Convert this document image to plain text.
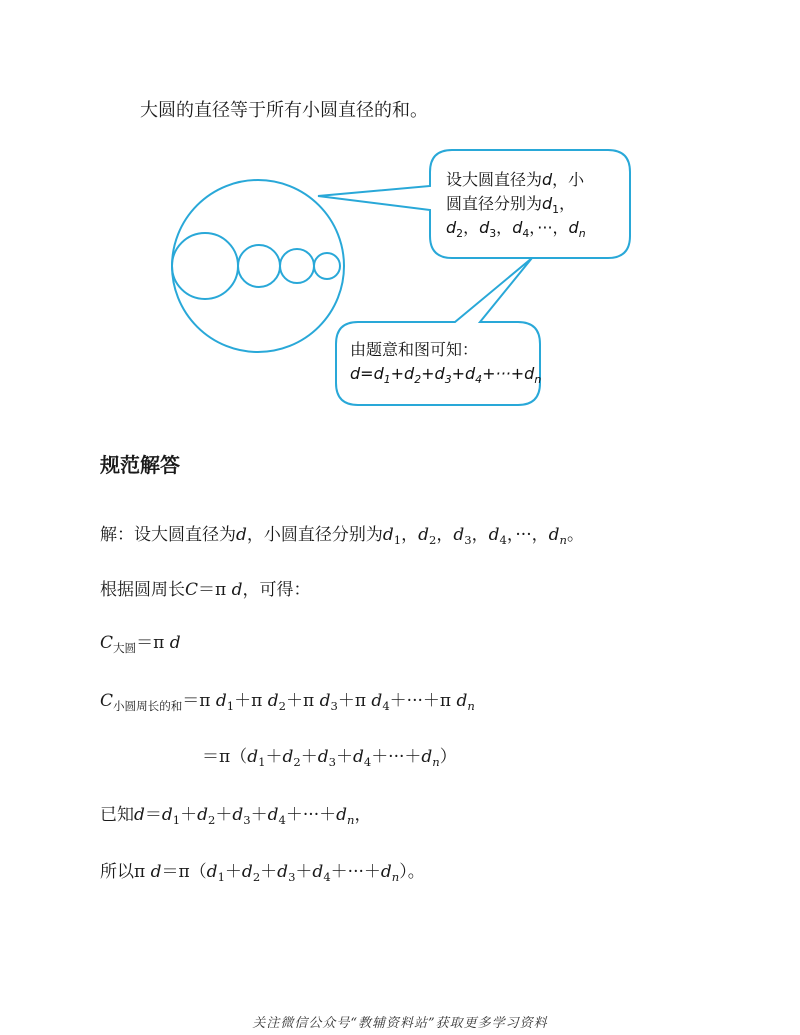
大圆的直径等于所有小圆直径的和。
设大圆直径为d，小
圆直径分别为$d_1$，
$d_2$，$d_3$，$d_4$，···，$d_n$
由题意和图可知：
$d=d_1+d_2+d_3+d_4+\cdot\cdot\cdot+d_n$
规范解答
解：设大圆直径为d，小圆直径分别为$d_1$，$d_2$，$d_3$，$d_4$，···，$d_n$。
根据圆周长C＝π d，可得：
$C_{大圆}=\pi$ d
$C_{小圆周长的和}=\pi$ $d_1+\pi$ $d_2+\pi$ $d_3+\pi$ $d_4+\cdot\cdot\cdot+\pi$ $d_n$
$=\pi(d_1+d_2+d_3+d_4+\cdot\cdot\cdot+d_n)$
已知$d=d_1+d_2+d_3+d_4+\cdot\cdot\cdot+d_n$，
所以π $d=\pi(d_1+d_2+d_3+d_4+\cdot\cdot\cdot+d_n)$。
关注微信公众号“教辅资料站”获取更多学习资料
